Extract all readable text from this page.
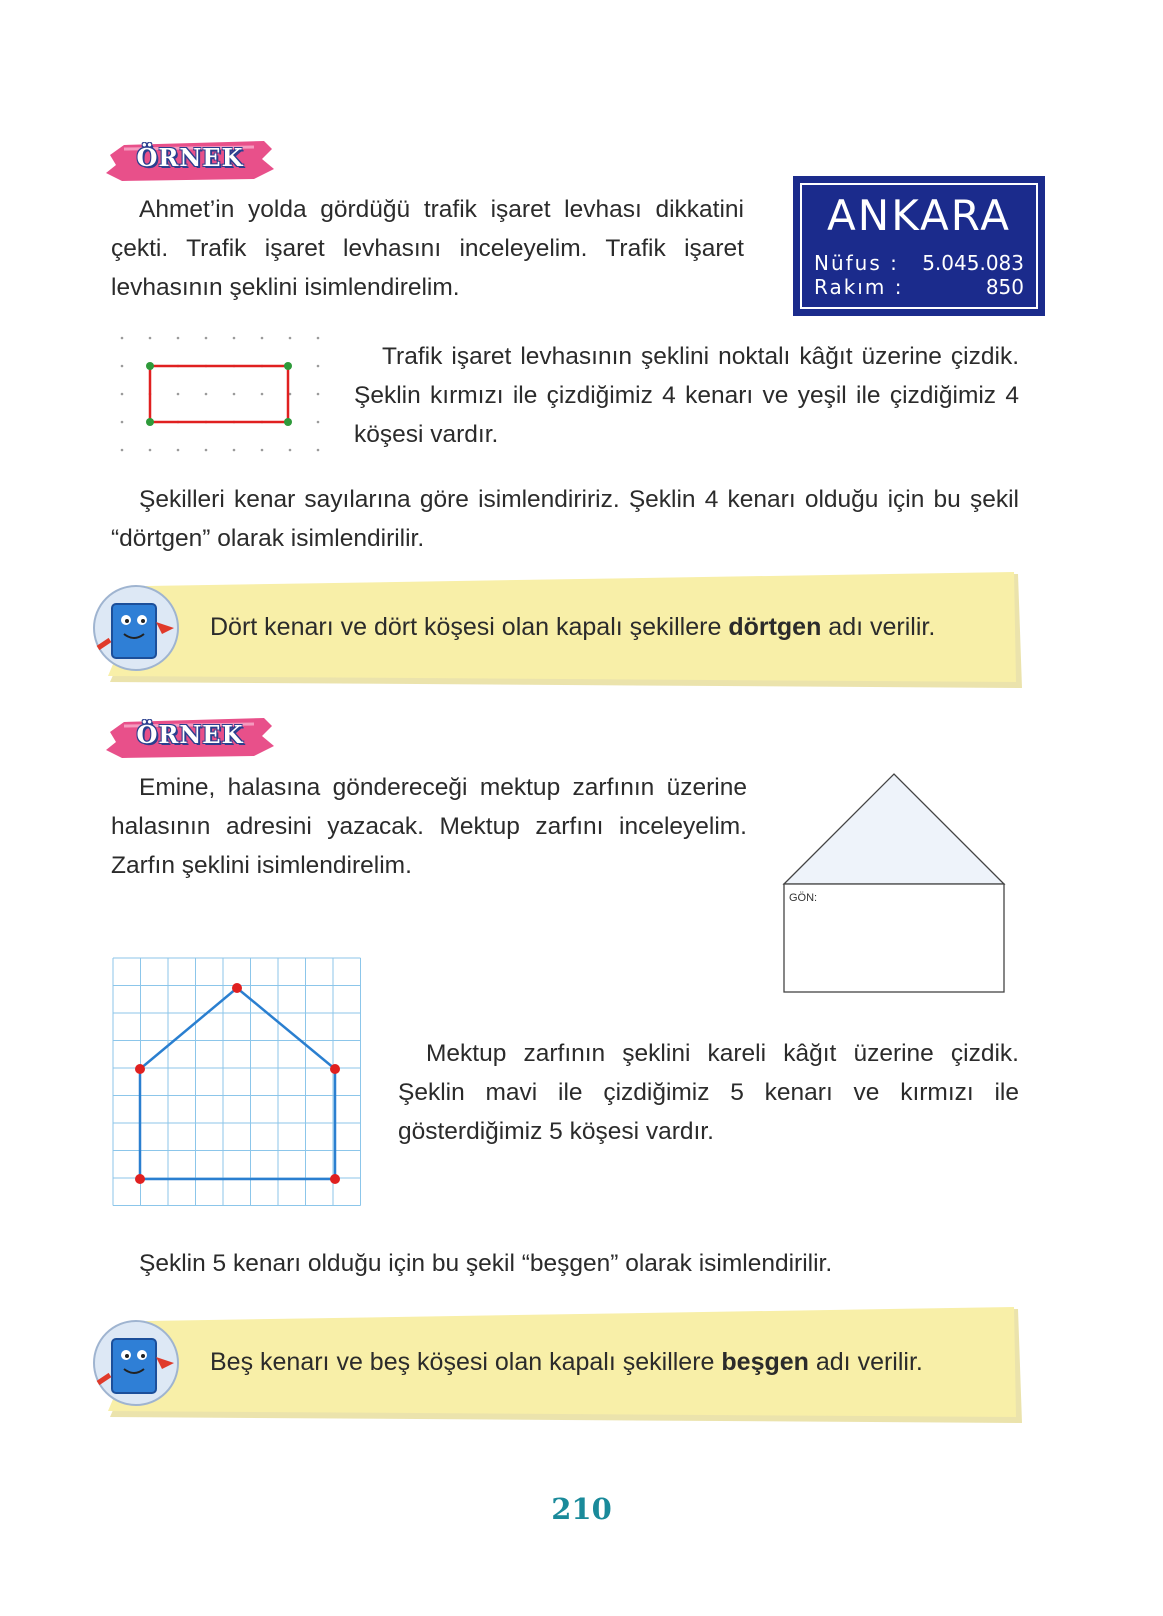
ÖRNEK

Ahmet’in yolda gördüğü trafik işaret levhası dikkatini çekti. Trafik işaret levhasını inceleyelim. Trafik işaret levhasının şeklini isimlendirelim.

ANKARA
Nüfus : 5.045.083
Rakım :	850

Trafik işaret levhasının şeklini noktalı kâğıt üzerine çizdik. Şeklin kırmızı ile çizdiğimiz 4 kenarı ve yeşil ile çizdiğimiz 4 köşesi vardır.

Şekilleri kenar sayılarına göre isimlendiririz. Şeklin 4 kenarı olduğu için bu şekil “dörtgen” olarak isimlendirilir.

Dört kenarı ve dört köşesi olan kapalı şekillere dörtgen adı verilir.
ÖRNEK

Emine, halasına göndereceği mektup zarfının üzerine halasının adresini yazacak. Mektup zarfını inceleyelim. Zarfın şeklini isimlendirelim.

GÖN:

Mektup zarfının şeklini kareli kâğıt üzerine çizdik. Şeklin mavi ile çizdiğimiz 5 kenarı ve kırmızı ile gösterdiğimiz 5 köşesi vardır.

Şeklin 5 kenarı olduğu için bu şekil “beşgen” olarak isimlendirilir.

Beş kenarı ve beş köşesi olan kapalı şekillere beşgen adı verilir.
210
